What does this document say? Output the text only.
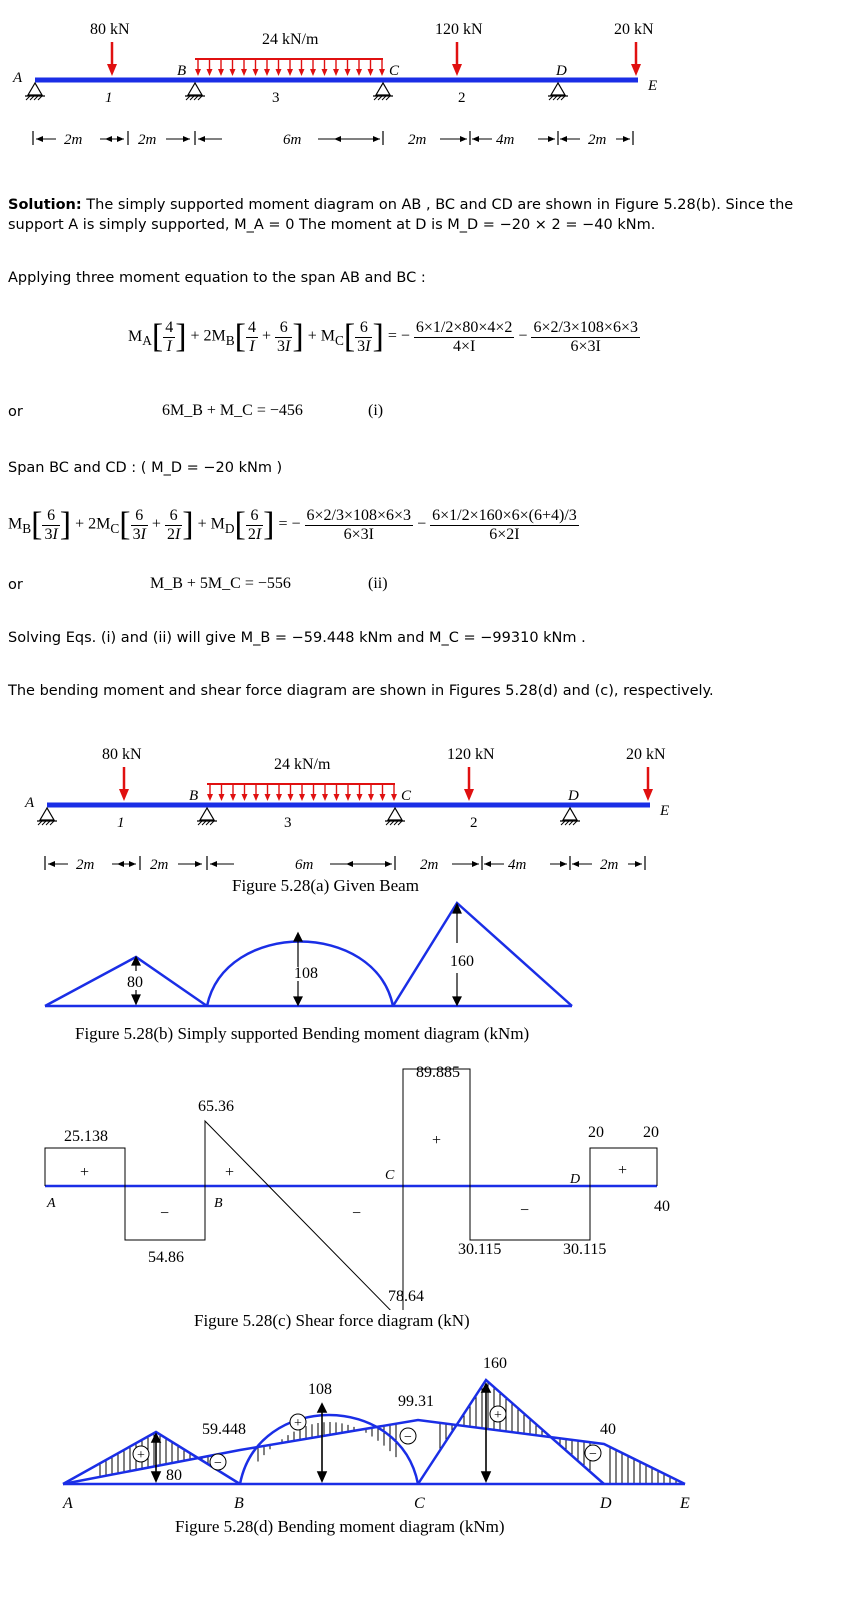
80 kN	120 kN	20 kN
24 kN/m
A	B	C	D
E
1	3	2
2m	2m	6m	2m	4m	2m
Solution: The simply supported moment diagram on AB , BC and CD are shown in Figure 5.28(b). Since the
support A is simply supported, M_A = 0 The moment at D is M_D = −20 × 2 = −40 kNm.
Applying three moment equation to the span AB and BC :
$M_A[ \frac{4}{I}$ ] + $2M_B[ \frac{4}{I} + \frac{6}{3I}$ ] + $M_C[ \frac{6}{3I}$ ] = − $\frac{6\times 1/2\times 80\times 4\times 2}{4\times I} - \frac{6\times 2/3\times 108\times 6\times 3}{6\times 3I}$
or	6M_B + M_C = −456	(i)
Span BC and CD : ( M_D = −20 kNm )
$M_B[ \frac{6}{3I}$ ] + $2M_C[ \frac{6}{3I} + \frac{6}{2I}$ ] + $M_D[ \frac{6}{2I}$ ] = − $\frac{6\times 2/3\times 108\times 6\times 3}{6\times 3I} - \frac{6\times 1/2\times 160\times 6\times(6+4)/3}{6\times 2I}$
or	M_B + 5M_C = −556	(ii)
Solving Eqs. (i) and (ii) will give M_B = −59.448 kNm and M_C = −99310 kNm .
The bending moment and shear force diagram are shown in Figures 5.28(d) and (c), respectively.
80 kN	120 kN	20 kN
24 kN/m
A	B	C	D
E
1	3	2
2m	2m	6m	2m	4m	2m
Figure 5.28(a) Given Beam
80
108
160
Figure 5.28(b) Simply supported Bending moment diagram (kNm)
25.138
54.86
65.36
78.64
89.885
30.115	30.115
20 20
40
+
−
+
−
+
−
+
A	B
C	D
Figure 5.28(c) Shear force diagram (kN)
+
−
+
−
+
−
160
108
99.31
59.448	40
80
A	B	C	D	E
Figure 5.28(d) Bending moment diagram (kNm)
